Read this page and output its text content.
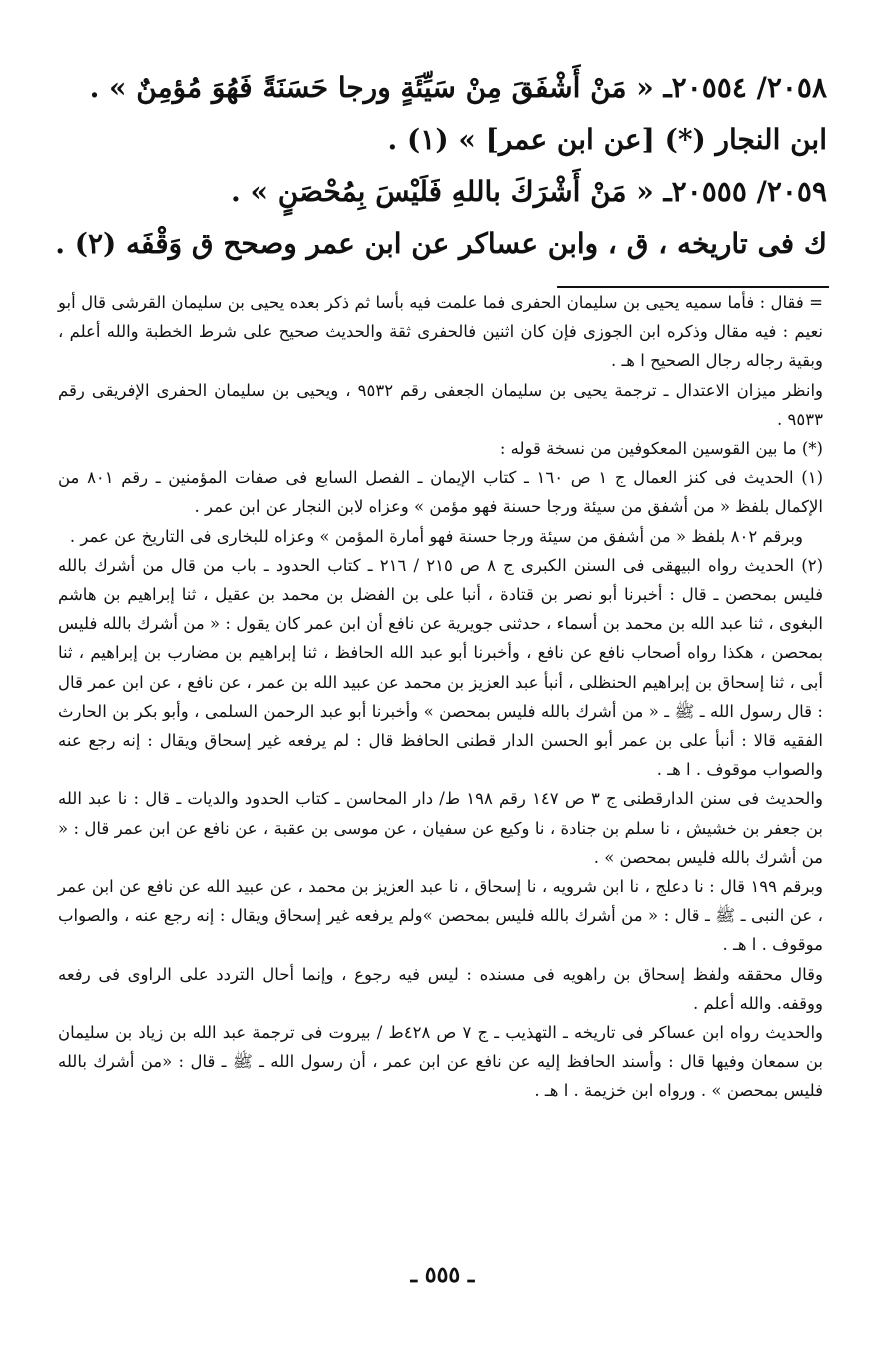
٢٠٥٨/ ٢٠٥٥٤ـ « مَنْ أَشْفَقَ مِنْ سَيِّئَةٍ ورجا حَسَنَةً فَهُوَ مُؤمِنٌ » .

ابن النجار (*) [عن ابن عمر] » (١) .

٢٠٥٩/ ٢٠٥٥٥ـ « مَنْ أَشْرَكَ باللهِ فَلَيْسَ بِمُحْصَنٍ » .

ك فى تاريخه ، ق ، وابن عساكر عن ابن عمر وصحح ق وَقْفَه (٢) .

= فقال : فأما سميه يحيى بن سليمان الحفرى فما علمت فيه بأسا ثم ذكر بعده يحيى بن سليمان القرشى قال أبو نعيم : فيه مقال وذكره ابن الجوزى فإن كان اثنين فالحفرى ثقة والحديث صحيح على شرط الخطبة والله أعلم ، وبقية رجاله رجال الصحيح ا هـ .

وانظر ميزان الاعتدال ـ ترجمة يحيى بن سليمان الجعفى رقم ٩٥٣٢ ، ويحيى بن سليمان الحفرى الإفريقى رقم ٩٥٣٣ .

(*) ما بين القوسين المعكوفين من نسخة قوله :

(١) الحديث فى كنز العمال ج ١ ص ١٦٠ ـ كتاب الإيمان ـ الفصل السابع فى صفات المؤمنين ـ رقم ٨٠١ من الإكمال بلفظ « من أشفق من سيئة ورجا حسنة فهو مؤمن » وعزاه لابن النجار عن ابن عمر .

وبرقم ٨٠٢ بلفظ « من أشفق من سيئة ورجا حسنة فهو أمارة المؤمن » وعزاه للبخارى فى التاريخ عن عمر .

(٢) الحديث رواه البيهقى فى السنن الكبرى ج ٨ ص ٢١٥ / ٢١٦ ـ كتاب الحدود ـ باب من قال من أشرك بالله فليس بمحصن ـ قال : أخبرنا أبو نصر بن قتادة ، أنبا على بن الفضل بن محمد بن عقيل ، ثنا إبراهيم بن هاشم البغوى ، ثنا عبد الله بن محمد بن أسماء ، حدثنى جويرية عن نافع أن ابن عمر كان يقول : « من أشرك بالله فليس بمحصن ، هكذا رواه أصحاب نافع عن نافع ، وأخبرنا أبو عبد الله الحافظ ، ثنا إبراهيم بن مضارب بن إبراهيم ، ثنا أبى ، ثنا إسحاق بن إبراهيم الحنظلى ، أنبأ عبد العزيز بن محمد عن عبيد الله بن عمر ، عن نافع ، عن ابن عمر قال : قال رسول الله ـ ﷺ ـ « من أشرك بالله فليس بمحصن » وأخبرنا أبو عبد الرحمن السلمى ، وأبو بكر بن الحارث الفقيه قالا : أنبأ على بن عمر أبو الحسن الدار قطنى الحافظ قال : لم يرفعه غير إسحاق ويقال : إنه رجع عنه والصواب موقوف . ا هـ .

والحديث فى سنن الدارقطنى ج ٣ ص ١٤٧ رقم ١٩٨ ط/ دار المحاسن ـ كتاب الحدود والديات ـ قال : نا عبد الله بن جعفر بن خشيش ، نا سلم بن جنادة ، نا وكيع عن سفيان ، عن موسى بن عقبة ، عن نافع عن ابن عمر قال : « من أشرك بالله فليس بمحصن » .

وبرقم ١٩٩ قال : نا دعلج ، نا ابن شرويه ، نا إسحاق ، نا عبد العزيز بن محمد ، عن عبيد الله عن نافع عن ابن عمر ، عن النبى ـ ﷺ ـ قال : « من أشرك بالله فليس بمحصن »ولم يرفعه غير إسحاق ويقال : إنه رجع عنه ، والصواب موقوف . ا هـ .

وقال محققه ولفظ إسحاق بن راهويه فى مسنده : ليس فيه رجوع ، وإنما أحال التردد على الراوى فى رفعه ووقفه. والله أعلم .

والحديث رواه ابن عساكر فى تاريخه ـ التهذيب ـ ج ٧ ص ٤٢٨ط / بيروت فى ترجمة عبد الله بن زياد بن سليمان بن سمعان وفيها قال : وأسند الحافظ إليه عن نافع عن ابن عمر ، أن رسول الله ـ ﷺ ـ قال : «من أشرك بالله فليس بمحصن » . ورواه ابن خزيمة . ا هـ .

ـ ٥٥٥ ـ
